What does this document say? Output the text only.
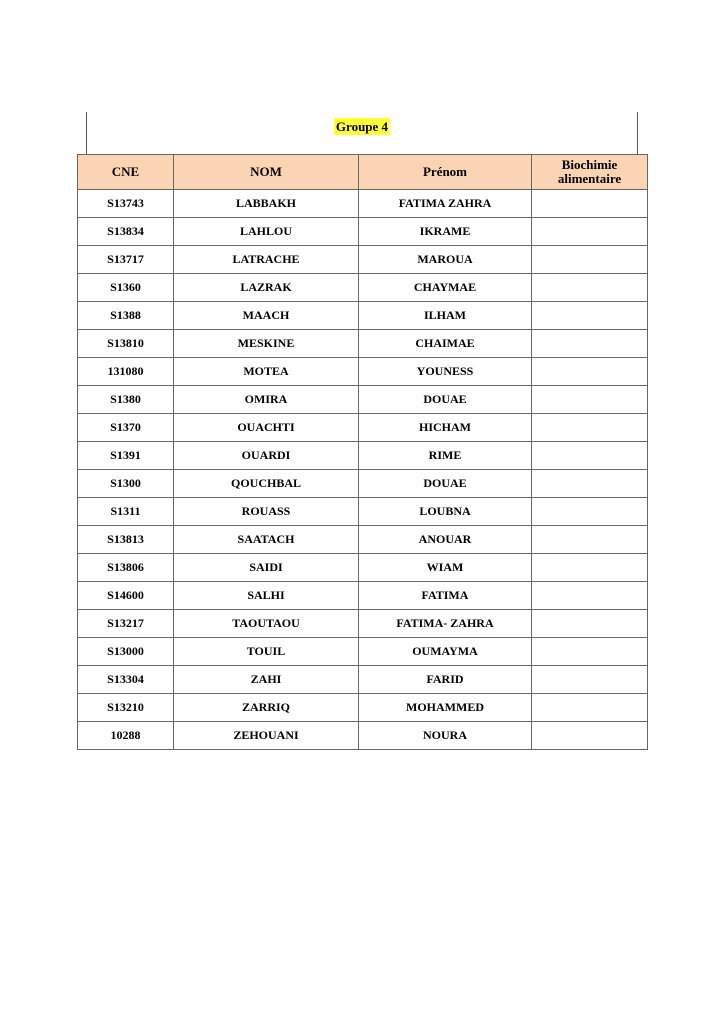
Groupe 4
CNE	NOM	Prénom	Biochimie
alimentaire
S13743	LABBAKH	FATIMA ZAHRA	
S13834	LAHLOU	IKRAME	
S13717	LATRACHE	MAROUA	
S1360	LAZRAK	CHAYMAE	
S1388	MAACH	ILHAM	
S13810	MESKINE	CHAIMAE	
131080	MOTEA	YOUNESS	
S1380	OMIRA	DOUAE	
S1370	OUACHTI	HICHAM	
S1391	OUARDI	RIME	
S1300	QOUCHBAL	DOUAE	
S1311	ROUASS	LOUBNA	
S13813	SAATACH	ANOUAR	
S13806	SAIDI	WIAM	
S14600	SALHI	FATIMA	
S13217	TAOUTAOU	FATIMA- ZAHRA	
S13000	TOUIL	OUMAYMA	
S13304	ZAHI	FARID	
S13210	ZARRIQ	MOHAMMED	
10288	ZEHOUANI	NOURA	
